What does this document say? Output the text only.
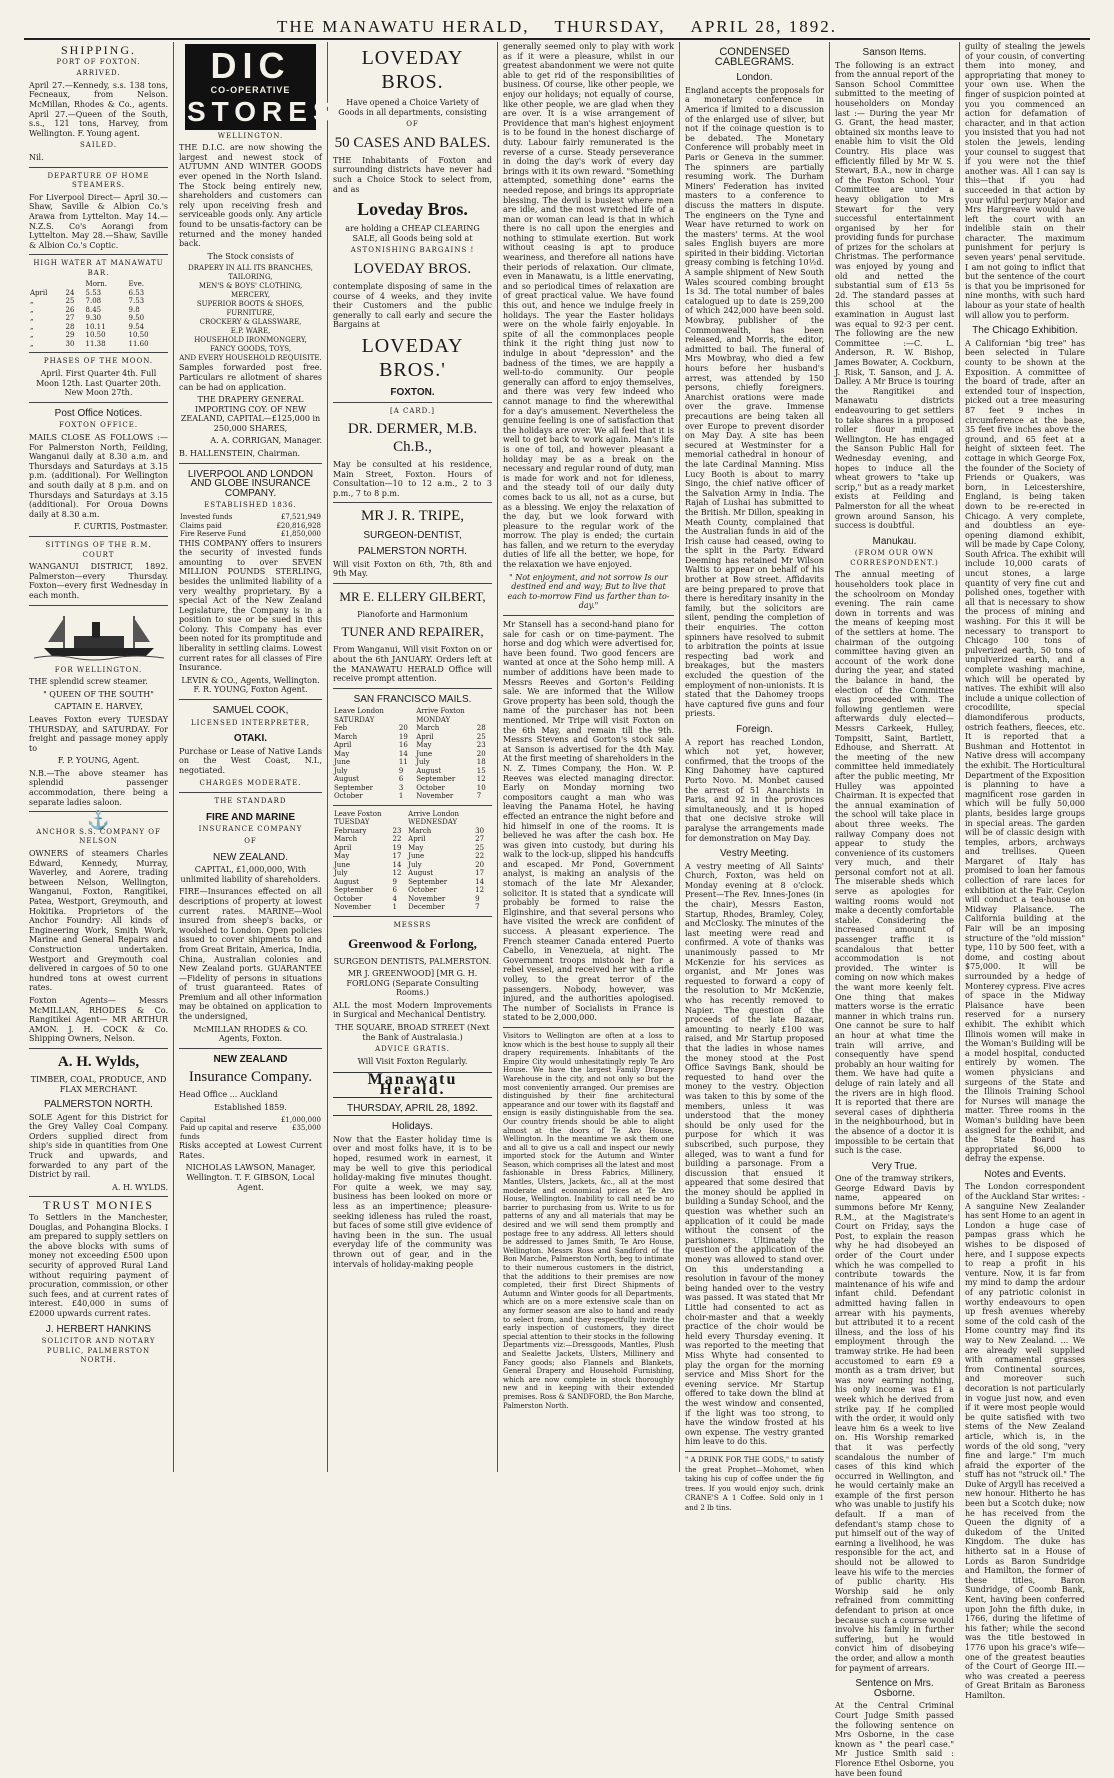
THE MANAWATU HERALD,
THURSDAY,
APRIL 28, 1892.
SHIPPING.
PORT OF FOXTON.
ARRIVED.

April 27.—Kennedy, s.s. 138 tons, Fecneaux, from Nelson. McMillan, Rhodes & Co., agents. April 27.—Queen of the South, s.s., 121 tons, Harvey, from Wellington. F. Young agent.

SAILED.

Nil.

DEPARTURE OF HOME STEAMERS.

For Liverpool Direct— April 30.—Shaw, Saville & Albion Co.'s Arawa from Lyttelton. May 14.—N.Z.S. Co's Aorangi from Lyttelton. May 28.—Shaw, Saville & Albion Co.'s Coptic.

HIGH WATER AT MANAWATU BAR.
		Morn.	Eve.
April	24	5.53	6.53
„	25	7.08	7.53
„	26	8.45	9.8
„	27	9.30	9.50
„	28	10.11	9.54
„	29	10.50	10.50
„	30	11.38	11.60
PHASES OF THE MOON.

April. First Quarter 4th. Full Moon 12th. Last Quarter 20th. New Moon 27th.

Post Office Notices.
FOXTON OFFICE.

MAILS CLOSE AS FOLLOWS :— For Palmerston North, Feilding, Wanganui daily at 8.30 a.m. and Thursdays and Saturdays at 3.15 p.m. (additional). For Wellington and south daily at 8 p.m. and on Thursdays and Saturdays at 3.15 (additional). For Oroua Downs daily at 8.30 a.m.

F. CURTIS, Postmaster.

SITTINGS OF THE R.M. COURT

WANGANUI DISTRICT, 1892. Palmerston—every Thursday. Foxton—every first Wednesday in each month.

FOR WELLINGTON.

THE splendid screw steamer.

" QUEEN OF THE SOUTH"

CAPTAIN E. HARVEY,

Leaves Foxton every TUESDAY THURSDAY, and SATURDAY. For freight and passage money apply to

F. P. YOUNG, Agent.

N.B.—The above steamer has splendid passenger accommodation, there being a separate ladies saloon.

⚓
ANCHOR S.S. COMPANY OF NELSON

OWNERS of steamers Charles Edward, Kennedy, Murray, Waverley, and Aorere, trading between Nelson, Wellington, Wanganui, Foxton, Rangitikei, Patea, Westport, Greymouth, and Hokitika. Proprietors of the Anchor Foundry: All kinds of Engineering Work, Smith Work, Marine and General Repairs and Construction undertaken. Westport and Greymouth coal delivered in cargoes of 50 to one hundred tons at owest current rates.

Foxton Agents— Messrs McMILLAN, RHODES & Co. Rangitikei Agent— MR ARTHUR AMON. J. H. COCK & Co. Shipping Owners, Nelson.

A. H. Wylds,

TIMBER, COAL, PRODUCE, AND FLAX MERCHANT.

PALMERSTON NORTH.

SOLE Agent for this District for the Grey Valley Coal Company. Orders supplied direct from ship's side in quantities from One Truck and upwards, and forwarded to any part of the District by rail.

A. H. WYLDS.

TRUST MONIES

To Settlers in the Manchester, Douglas, and Pohangina Blocks. I am prepared to supply settlers on the above blocks with sums of money not exceeding £500 upon security of approved Rural Land without requiring payment of procuration, commission, or other such fees, and at current rates of interest. £40,000 in sums of £2000 upwards current rates.

J. HERBERT HANKINS
SOLICITOR AND NOTARY PUBLIC, PALMERSTON NORTH.
DIC
CO-OPERATIVE
STORES
WELLINGTON.

THE D.I.C. are now showing the largest and newest stock of AUTUMN AND WINTER GOODS ever opened in the North Island. The Stock being entirely new, shareholders and customers can rely upon receiving fresh and serviceable goods only. Any article found to be unsatis-factory can be returned and the money handed back.

The Stock consists of

DRAPERY IN ALL ITS BRANCHES,
TAILORING,
MEN'S & BOYS' CLOTHING,
MERCERY,
SUPERIOR BOOTS & SHOES,
FURNITURE,
CROCKERY & GLASSWARE,
E.P. WARE,
HOUSEHOLD IRONMONGERY,
FANCY GOODS, TOYS,
AND EVERY HOUSEHOLD REQUISITE.

Samples forwarded post free. Particulars re allotment of shares can be had on application.

THE DRAPERY GENERAL IMPORTING COY. OF NEW ZEALAND, CAPITAL—£125,000 in 250,000 SHARES,

A. A. CORRIGAN, Manager.

B. HALLENSTEIN, Chairman.

LIVERPOOL AND LONDON AND GLOBE INSURANCE COMPANY.
ESTABLISHED 1836.
Invested funds	£7,521,949
Claims paid	£20,816,928
Fire Reserve Fund	£1,850,000

THIS COMPANY offers to insurers the security of invested funds amounting to over SEVEN MILLION POUNDS STERLING, besides the unlimited liability of a very wealthy proprietary. By a special Act of the New Zealand Legislature, the Company is in a position to sue or be sued in this Colony. This Company has ever been noted for its promptitude and liberality in settling claims. Lowest current rates for all classes of Fire Insurance.

LEVIN & CO., Agents, Wellington. F. R. YOUNG, Foxton Agent.

SAMUEL COOK,
LICENSED INTERPRETER,
OTAKI.

Purchase or Lease of Native Lands on the West Coast, N.I., negotiated.

CHARGES MODERATE.
THE STANDARD
FIRE AND MARINE
INSURANCE COMPANY
OF
NEW ZEALAND.

CAPITAL, £1,000,000, With unlimited liability of shareholders.

FIRE—Insurances effected on all descriptions of property at lowest current rates. MARINE—Wool insured from sheep's backs, or woolshed to London. Open policies issued to cover shipments to and from Great Britain, America, India, China, Australian colonies and New Zealand ports. GUARANTEE—Fidelity of persons in situations of trust guaranteed. Rates of Premium and all other information may be obtained on application to the undersigned,

McMILLAN RHODES & CO. Agents, Foxton.

NEW ZEALAND
Insurance Company.

Head Office ... Auckland

Established 1859.

Capital	£1,000,000
Paid up capital and reserve funds	£35,000

Risks accepted at Lowest Current Rates.

NICHOLAS LAWSON, Manager, Wellington. T. F. GIBSON, Local Agent.

LOVEDAY BROS.

Have opened a Choice Variety of Goods in all departments, consisting

OF
50 CASES AND BALES.

THE Inhabitants of Foxton and surrounding districts have never had such a Choice Stock to select from, and as

Loveday Bros.

are holding a CHEAP CLEARING SALE, all Goods being sold at

ASTONISHING BARGAINS !
LOVEDAY BROS.

contemplate disposing of same in the course of 4 weeks, and they invite their Customers and the public generally to call early and secure the Bargains at

LOVEDAY BROS.'
FOXTON.
[A CARD.]
DR. DERMER, M.B. Ch.B.,

May be consulted at his residence, Main Street, Foxton. Hours of Consultation—10 to 12 a.m., 2 to 3 p.m., 7 to 8 p.m.

MR J. R. TRIPE,
SURGEON-DENTIST,
PALMERSTON NORTH.

Will visit Foxton on 6th, 7th, 8th and 9th May.

MR E. ELLERY GILBERT,

Pianoforte and Harmonium

TUNER AND REPAIRER,

From Wanganui, Will visit Foxton on or about the 6th JANUARY. Orders left at the MANAWATU HERALD Office will receive prompt attention.

SAN FRANCISCO MAILS.
Leave London SATURDAY		Arrive Foxton MONDAY	
Feb	20	March	28
March	19	April	25
April	16	May	23
May	14	June	20
June	11	July	18
July	9	August	15
August	6	September	12
September	3	October	10
October	1	November	7
Leave Foxton TUESDAY		Arrive London WEDNESDAY	
February	23	March	30
March	22	April	27
April	19	May	25
May	17	June	22
June	14	July	20
July	12	August	17
August	9	September	14
September	6	October	12
October	4	November	9
November	1	December	7
MESSRS
Greenwood & Forlong,

SURGEON DENTISTS, PALMERSTON.

MR J. GREENWOOD] [MR G. H. FORLONG (Separate Consulting Rooms.)

ALL the most Modern Improvements in Surgical and Mechanical Dentistry.

THE SQUARE, BROAD STREET (Next the Bank of Australasia.)

ADVICE GRATIS.

Will Visit Foxton Regularly.

Manawatu Herald.
THURSDAY, APRIL 28, 1892.
Holidays.

Now that the Easter holiday time is over and most folks have, it is to be hoped, resumed work in earnest, it may be well to give this periodical holiday-making five minutes thought. For quite a week, we may say, business has been looked on more or less as an impertinence; pleasure-seeking idleness has ruled the roast, but faces of some still give evidence of having been in the sun. The usual everyday life of the community was thrown out of gear, and in the intervals of holiday-making people

generally seemed only to play with work as if it were a pleasure, whilst in our greatest abandonment we were not quite able to get rid of the responsibilities of business. Of course, like other people, we enjoy our holidays; not equally of course, like other people, we are glad when they are over. It is a wise arrangement of Providence that man's highest enjoyment is to be found in the honest discharge of duty. Labour fairly remunerated is the reverse of a curse. Steady perseverance in doing the day's work of every day brings with it its own reward. "Something attempted, something done" earns the needed repose, and brings its appropriate blessing. The devil is busiest where men are idle, and the most wretched life of a man or woman can lead is that in which there is no call upon the energies and nothing to stimulate exertion. But work without ceasing is apt to produce weariness, and therefore all nations have their periods of relaxation. Our climate, even in Manawatu, is a little enervating, and so periodical times of relaxation are of great practical value. We have found this out, and hence we indulge freely in holidays. The year the Easter holidays were on the whole fairly enjoyable. In spite of all the commonplaces people think it the right thing just now to indulge in about "depression" and the badness of the times, we are happily a well-to-do community. Our people generally can afford to enjoy themselves, and there was very few indeed who cannot manage to find the wherewithal for a day's amusement. Nevertheless the genuine feeling is one of satisfaction that the holidays are over. We all feel that it is well to get back to work again. Man's life is one of toil, and however pleasant a holiday may be as a break on the necessary and regular round of duty, man is made for work and not for idleness, and the steady toil of our daily duty comes back to us all, not as a curse, but as a blessing. We enjoy the relaxation of the day, but we look forward with pleasure to the regular work of the morrow. The play is ended; the curtain has fallen, and we return to the everyday duties of life all the better, we hope, for the relaxation we have enjoyed.

" Not enjoyment, and not sorrow Is our destined end and way; But to live that each to-morrow Find us farther than to-day."

Mr Stansell has a second-hand piano for sale for cash or on time-payment. The horse and dog which were advertised for, have been found. Two good fencers are wanted at once at the Soho hemp mill. A number of additions have been made to Messrs Reeves and Gorton's Feilding sale. We are informed that the Willow Grove property has been sold, though the name of the purchaser has not been mentioned. Mr Tripe will visit Foxton on the 6th May, and remain till the 9th. Messrs Stevens and Gorton's stock sale at Sanson is advertised for the 4th May. At the first meeting of shareholders in the N. Z. Times Company, the Hon. W. P. Reeves was elected managing director. Early on Monday morning two compositors caught a man who was leaving the Panama Hotel, he having effected an entrance the night before and hid himself in one of the rooms. It is believed he was after the cash box. He was given into custody, but during his walk to the lock-up, slipped his handcuffs and escaped. Mr Pond, Government analyst, is making an analysis of the stomach of the late Mr Alexander, solicitor. It is stated that a syndicate will probably be formed to raise the Elginshire, and that several persons who have visited the wreck are confident of success. A pleasant experience. The French steamer Canada entered Puerto Cabello, in Venezuela, at night. The Government troops mistook her for a rebel vessel, and received her with a rifle volley, to the great terror of the passengers. Nobody, however, was injured, and the authorities apologised. The number of Socialists in France is stated to be 2,000,000.

Visitors to Wellington are often at a loss to know which is the best house to supply all their drapery requirements. Inhabitants of the Empire City would unhesitatingly reply Te Aro House. We have the largest Family Drapery Warehouse in the city, and not only so but the most conveniently arranged. Our premises are distinguished by their fine architectural appearance and our tower with its flagstaff and ensign is easily distinguishable from the sea. Our country friends should be able to alight almost at the doors of Te Aro House, Wellington. In the meantime we ask them one and all to give us a call and inspect our newly imported stock for the Autumn and Winter Season, which comprises all the latest and most fashionable in Dress Fabrics, Millinery, Mantles, Ulsters, Jackets, &c., all at the most moderate and economical prices at Te Aro House, Wellington. Inability to call need be no barrier to purchasing from us. Write to us for patterns of any and all materials that may be desired and we will send them promptly and postage free to any address. All letters should be addressed to James Smith, Te Aro House, Wellington. Messrs Ross and Sandford of the Bon Marche, Palmerston North, beg to intimate to their numerous customers in the district, that the additions to their premises are now completed, their first Direct Shipments of Autumn and Winter goods for all Departments, which are on a more extensive scale than on any former season are also to hand and ready to select from, and they respectfully invite the early inspection of customers, they direct special attention to their stocks in the following Departments viz:—Dressgoods, Mantles, Plush and Sealette Jackets, Ulsters, Millinery and Fancy goods; also Flannels and Blankets, General Drapery and Household Furnishing, which are now complete in stock thoroughly new and in keeping with their extended premises. Ross & SANDFORD, the Bon Marche, Palmerston North.

CONDENSED CABLEGRAMS.
London.

England accepts the proposals for a monetary conference in America if limited to a discussion of the enlarged use of silver, but not if the coinage question is to be debated. The Monetary Conference will probably meet in Paris or Geneva in the summer. The spinners are partially resuming work. The Durham Miners' Federation has invited masters to a conference to discuss the matters in dispute. The engineers on the Tyne and Wear have returned to work on the masters' terms. At the wool sales English buyers are more spirited in their bidding. Victorian greasy combing is fetching 10½d. A sample shipment of New South Wales scoured combing brought 1s 3d. The total number of bales catalogued up to date is 259,200 of which 242,000 have been sold. Mowbray, publisher of the Commonwealth, has been released, and Morris, the editor, admitted to bail. The funeral of Mrs Mowbray, who died a few hours before her husband's arrest, was attended by 150 persons, chiefly foreigners. Anarchist orations were made over the grave. Immense precautions are being taken all over Europe to prevent disorder on May Day. A site has been secured at Westminster for a memorial cathedral in honour of the late Cardinal Manning. Miss Lucy Booth is about to marry Singo, the chief native officer of the Salvation Army in India. The Rajah of Lushai has submitted to the British. Mr Dillon, speaking in Meath County, complained that the Australian funds in aid of the Irish cause had ceased, owing to the split in the Party. Edward Deeming has retained Mr Wilson Waltis to appear on behalf of his brother at Bow street. Affidavits are being prepared to prove that there is hereditary insanity in the family, but the solicitors are silent, pending the completion of their enquiries. The cotton spinners have resolved to submit to arbitration the points at issue respecting bad work and breakages, but the masters excluded the question of the employment of non-unionists. It is stated that the Dahomey troops have captured five guns and four priests.

Foreign.

A report has reached London, which not yet, however, confirmed, that the troops of the King Dahomey have captured Porto Novo. M. Monbet caused the arrest of 51 Anarchists in Paris, and 92 in the provinces simultaneously, and it is hoped that one decisive stroke will paralyse the arrangements made for demonstration on May Day.

Vestry Meeting.

A vestry meeting of All Saints' Church, Foxton, was held on Monday evening at 8 o'clock. Present—The Rev. Innes-Jones (in the chair), Messrs Easton, Startup, Rhodes, Bramley, Coley, and McClosky. The minutes of the last meeting were read and confirmed. A vote of thanks was unanimously passed to Mr McKenzie for his services as organist, and Mr Jones was requested to forward a copy of the resolution to Mr McKenzie, who has recently removed to Napier. The question of the proceeds of the late Bazaar, amounting to nearly £100 was raised, and Mr Startup proposed that the ladies in whose names the money stood at the Post Office Savings Bank, should be requested to hand over the money to the vestry. Objection was taken to this by some of the members, unless it was understood that the money should be only used for the purpose for which it was subscribed, such purpose, they alleged, was to want a fund for building a parsonage. From a discussion that ensued it appeared that some desired that the money should be applied in building a Sunday School, and the question was whether such an application of it could be made without the consent of the parishioners. Ultimately the question of the application of the money was allowed to stand over. On this understanding a resolution in favour of the money being handed over to the vestry was passed. It was stated that Mr Little had consented to act as choir-master and that a weekly practice of the choir would be held every Thursday evening. It was reported to the meeting that Miss Whyte had consented to play the organ for the morning service and Miss Short for the evening service. Mr Startup offered to take down the blind at the west window and consented, if the light was too strong, to have the window frosted at his own expense. The vestry granted him leave to do this.

" A DRINK FOR THE GODS," to satisfy the great Prophet—Mohomet, when taking his cup of coffee under the fig trees. If you would enjoy such, drink CRANE'S A 1 Coffee. Sold only in 1 and 2 lb tins.

Sanson Items.

The following is an extract from the annual report of the Sanson School Committee submitted to the meeting of householders on Monday last :— During the year Mr G. Grant, the head master, obtained six months leave to enable him to visit the Old Country. His place was efficiently filled by Mr W. S. Stewart, B.A., now in charge of the Foxton School. Your Committee are under a heavy obligation to Mrs Stewart for the very successful entertainment organised by her for providing funds for purchase of prizes for the scholars at Christmas. The performance was enjoyed by young and old and netted the substantial sum of £13 5s 2d. The standard passes at this school at the examination in August last was equal to 92·3 per cent. The following are the new Committee :—C. L. Anderson, R. W. Bishop, James Bowater, A. Cockburn, J. Risk, T. Sanson, and J. A. Dalley. A Mr Bruce is touring the Rangitikei and Manawatu districts endeavouring to get settlers to take shares in a proposed roller flour mill at Wellington. He has engaged the Sanson Public Hall for Wednesday evening, and hopes to induce all the wheat growers to "take up scrip," but as a ready market exists at Feilding and Palmerston for all the wheat grown around Sanson, his success is doubtful.

Manukau.
(FROM OUR OWN CORRESPONDENT.)

The annual meeting of householders took place in the schoolroom on Monday evening. The rain came down in torrents and was the means of keeping most of the settlers at home. The chairman of the outgoing committee having given an account of the work done during the year, and stated the balance in hand, the election of the Committee was proceeded with. The following gentlemen were afterwards duly elected—Messrs Carkeek, Hulley, Tompsitt, Saint, Bartlett, Edhouse, and Sherratt. At the meeting of the new committee held immediately after the public meeting, Mr Hulley was appointed Chairman. It is expected that the annual examination of the school will take place in about three weeks. The railway Company does not appear to study the convenience of its customers very much, and their personal comfort not at all. The miserable sheds which serve as apologies for waiting rooms would not make a decently comfortable stable. Considering the increased amount of passenger traffic it is scandalous that better accommodation is not provided. The winter is coming on now which makes the want more keenly felt. One thing that makes matters worse is the erratic manner in which trains run. One cannot be sure to half an hour at what time the train will arrive, and consequently have spend probably an hour waiting for them. We have had quite a deluge of rain lately and all the rivers are in high flood. It is reported that there are several cases of diphtheria in the neighbourhood, but in the absence of a doctor it is impossible to be certain that such is the case.

Very True.

One of the tramway strikers, George Edward Davis by name, appeared on summons before Mr Kenny, R.M., at the Magistrate's Court on Friday, says the Post, to explain the reason why he had disobeyed an order of the Court under which he was compelled to contribute towards the maintenance of his wife and infant child. Defendant admitted having fallen in arrear with his payments, but attributed it to a recent illness, and the loss of his employment through the tramway strike. He had been accustomed to earn £9 a month as a tram driver, but was now earning nothing, his only income was £1 a week which he derived from strike pay. If he complied with the order, it would only leave him 6s a week to live on. His Worship remarked that it was perfectly scandalous the number of cases of this kind which occurred in Wellington, and he would certainly make an example of the first person who was unable to justify his default. If a man of defendant's stamp chose to put himself out of the way of earning a livelihood, he was responsible for the act, and should not be allowed to leave his wife to the mercies of public charity. His Worship said he only refrained from committing defendant to prison at once because such a course would involve his family in further suffering, but he would convict him of disobeying the order, and allow a month for payment of arrears.

Sentence on Mrs. Osborne.

At the Central Criminal Court Judge Smith passed the following sentence on Mrs Osborne, in the case known as " the pearl case." Mr Justice Smith said : Florence Ethel Osborne, you have been found

guilty of stealing the jewels of your cousin, of converting them into money, and appropriating that money to your own use. When the finger of suspicion pointed at you you commenced an action for defamation of character, and in that action you insisted that you had not stolen the jewels, lending your counsel to suggest that if you were not the thief another was. All I can say is this—that if you had succeeded in that action by your wilful perjury Major and Mrs Hargreave would have left the court with an indelible stain on their character. The maximum punishment for perjury is seven years' penal servitude. I am not going to inflict that but the sentence of the court is that you be imprisoned for nine months, with such hard labour as your state of health will allow you to perform.

The Chicago Exhibition.

A Californian "big tree" has been selected in Tulare county to be shown at the Exposition. A committee of the board of trade, after an extended tour of inspection, picked out a tree measuring 87 feet 9 inches in circumference at the base, 35 feet five inches above the ground, and 65 feet at a height of sixteen feet. The cottage in which George Fox, the founder of the Society of Friends or Quakers, was born, in Leicestershire, England, is being taken down to be re-erected in Chicago. A very complete, and doubtless an eye-opening diamond exhibit, will be made by Cape Colony, South Africa. The exhibit will include 10,000 carats of uncut stones, a large quantity of very fine cut and polished ones, together with all that is necessary to show the process of mining and washing. For this it will be necessary to transport to Chicago 100 tons of pulverized earth, 50 tons of unpulverized earth, and a complete washing machine, which will be operated by natives. The exhibit will also include a unique collection of crocodilite, special diamondiferous products, ostrich feathers, fleeces, etc. It is reported that a Bushman and Hottentot in Native dress will accompany the exhibit. The Horticultural Department of the Exposition is planning to have a magnificent rose garden in which will be fully 50,000 plants, besides large groups in special areas. The garden will be of classic design with temples, arbors, archways and trellises. Queen Margaret of Italy has promised to loan her famous collection of rare laces for exhibition at the Fair. Ceylon will conduct a tea-house on Midway Plaisance. The California building at the Fair will be an imposing structure of the "old mission" type, 110 by 500 feet, with a dome, and costing about $75,000. It will be surrounded by a hedge of Monterey cypress. Five acres of space in the Midway Plaisance have been reserved for a nursery exhibit. The exhibit which Illinois women will make in the Woman's Building will be a model hospital, conducted entirely by women. The women physicians and surgeons of the State and the Illinois Training School for Nurses will manage the matter. Three rooms in the Woman's building have been assigned for the exhibit, and the State Board has appropriated $6,000 to defray the expense.

Notes and Events.

The London correspondent of the Auckland Star writes: - A sanguine New Zealander has sent Home to an agent in London a huge case of pampas grass which he wishes to be disposed of here, and I suppose expects to reap a profit in his venture. Now, it is far from my mind to damp the ardour of any patriotic colonist in worthy endeavours to open up fresh avenues whereby some of the cold cash of the Home country may find its way to New Zealand. ... We are already well supplied with ornamental grasses from Continental sources, and moreover such decoration is not particularly in vogue just now, and even if it were most people would be quite satisfied with two stems of the New Zealand article, which is, in the words of the old song, "very fine and large." I'm much afraid the exporter of the stuff has not "struck oil." The Duke of Argyll has received a new honour. Hitherto he has been but a Scotch duke; now he has received from the Queen the dignity of a dukedom of the United Kingdom. The duke has hitherto sat in a House of Lords as Baron Sundridge and Hamilton, the former of these titles, Baron Sundridge, of Coomb Bank, Kent, having been conferred upon John the fifth duke, in 1766, during the lifetime of his father; while the second was the title bestowed in 1776 upon his grace's wife—one of the greatest beauties of the Court of George III.—who was created a peeress of Great Britain as Baroness Hamilton.
